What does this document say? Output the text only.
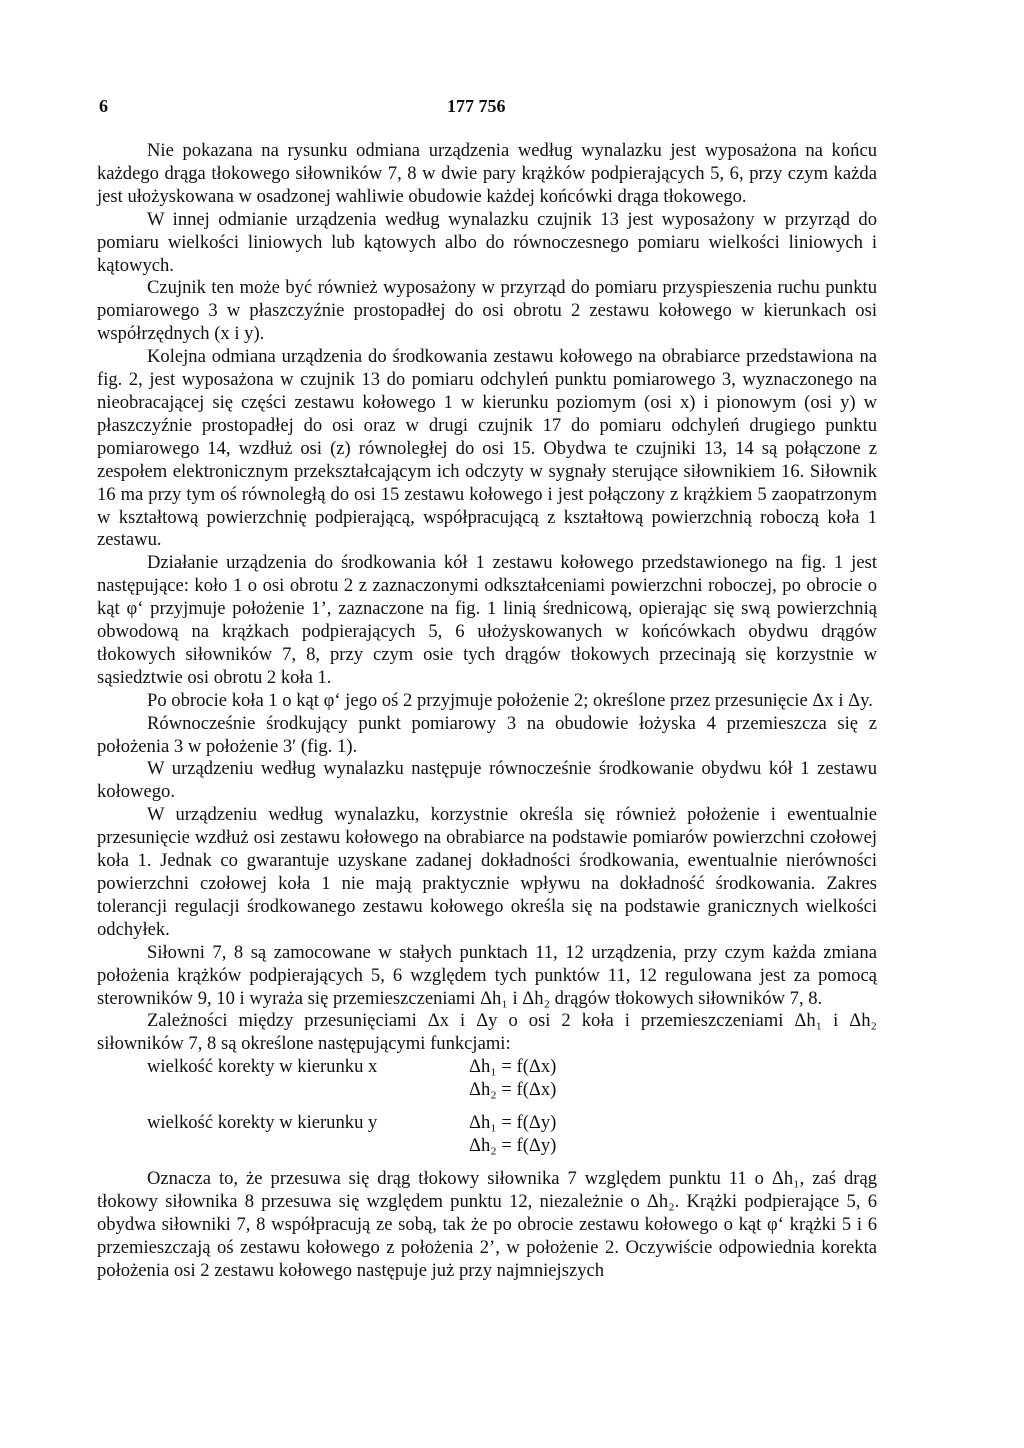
6	177 756

Nie pokazana na rysunku odmiana urządzenia według wynalazku jest wyposażona na końcu każdego drąga tłokowego siłowników 7, 8 w dwie pary krążków podpierających 5, 6, przy czym każda jest ułożyskowana w osadzonej wahliwie obudowie każdej końcówki drąga tłokowego.

W innej odmianie urządzenia według wynalazku czujnik 13 jest wyposażony w przyrząd do pomiaru wielkości liniowych lub kątowych albo do równoczesnego pomiaru wielkości liniowych i kątowych.

Czujnik ten może być również wyposażony w przyrząd do pomiaru przyspieszenia ruchu punktu pomiarowego 3 w płaszczyźnie prostopadłej do osi obrotu 2 zestawu kołowego w kierunkach osi współrzędnych (x i y).

Kolejna odmiana urządzenia do środkowania zestawu kołowego na obrabiarce przedstawiona na fig. 2, jest wyposażona w czujnik 13 do pomiaru odchyleń punktu pomiarowego 3, wyznaczonego na nieobracającej się części zestawu kołowego 1 w kierunku poziomym (osi x) i pionowym (osi y) w płaszczyźnie prostopadłej do osi oraz w drugi czujnik 17 do pomiaru odchyleń drugiego punktu pomiarowego 14, wzdłuż osi (z) równoległej do osi 15. Obydwa te czujniki 13, 14 są połączone z zespołem elektronicznym przekształcającym ich odczyty w sygnały sterujące siłownikiem 16. Siłownik 16 ma przy tym oś równoległą do osi 15 zestawu kołowego i jest połączony z krążkiem 5 zaopatrzonym w kształtową powierzchnię podpierającą, współpracującą z kształtową powierzchnią roboczą koła 1 zestawu.

Działanie urządzenia do środkowania kół 1 zestawu kołowego przedstawionego na fig. 1 jest następujące: koło 1 o osi obrotu 2 z zaznaczonymi odkształceniami powierzchni roboczej, po obrocie o kąt φ‘ przyjmuje położenie 1’, zaznaczone na fig. 1 linią średnicową, opierając się swą powierzchnią obwodową na krążkach podpierających 5, 6 ułożyskowanych w końcówkach obydwu drągów tłokowych siłowników 7, 8, przy czym osie tych drągów tłokowych przecinają się korzystnie w sąsiedztwie osi obrotu 2 koła 1.

Po obrocie koła 1 o kąt φ‘ jego oś 2 przyjmuje położenie 2; określone przez przesunięcie Δx i Δy.

Równocześnie środkujący punkt pomiarowy 3 na obudowie łożyska 4 przemieszcza się z położenia 3 w położenie 3′ (fig. 1).

W urządzeniu według wynalazku następuje równocześnie środkowanie obydwu kół 1 zestawu kołowego.

W urządzeniu według wynalazku, korzystnie określa się również położenie i ewentualnie przesunięcie wzdłuż osi zestawu kołowego na obrabiarce na podstawie pomiarów powierzchni czołowej koła 1. Jednak co gwarantuje uzyskane zadanej dokładności środkowania, ewentualnie nierówności powierzchni czołowej koła 1 nie mają praktycznie wpływu na dokładność środkowania. Zakres tolerancji regulacji środkowanego zestawu kołowego określa się na podstawie granicznych wielkości odchyłek.

Siłowni 7, 8 są zamocowane w stałych punktach 11, 12 urządzenia, przy czym każda zmiana położenia krążków podpierających 5, 6 względem tych punktów 11, 12 regulowana jest za pomocą sterowników 9, 10 i wyraża się przemieszczeniami Δh₁ i Δh₂ drągów tłokowych siłowników 7, 8.

Zależności między przesunięciami Δx i Δy o osi 2 koła i przemieszczeniami Δh₁ i Δh₂ siłowników 7, 8 są określone następującymi funkcjami:

wielkość korekty w kierunku x	Δh₁ = f(Δx)
Δh₂ = f(Δx)
wielkość korekty w kierunku y	Δh₁ = f(Δy)
Δh₂ = f(Δy)

Oznacza to, że przesuwa się drąg tłokowy siłownika 7 względem punktu 11 o Δh₁, zaś drąg tłokowy siłownika 8 przesuwa się względem punktu 12, niezależnie o Δh₂. Krążki podpierające 5, 6 obydwa siłowniki 7, 8 współpracują ze sobą, tak że po obrocie zestawu kołowego o kąt φ‘ krążki 5 i 6 przemieszczają oś zestawu kołowego z położenia 2’, w położenie 2. Oczywiście odpowiednia korekta położenia osi 2 zestawu kołowego następuje już przy najmniejszych
